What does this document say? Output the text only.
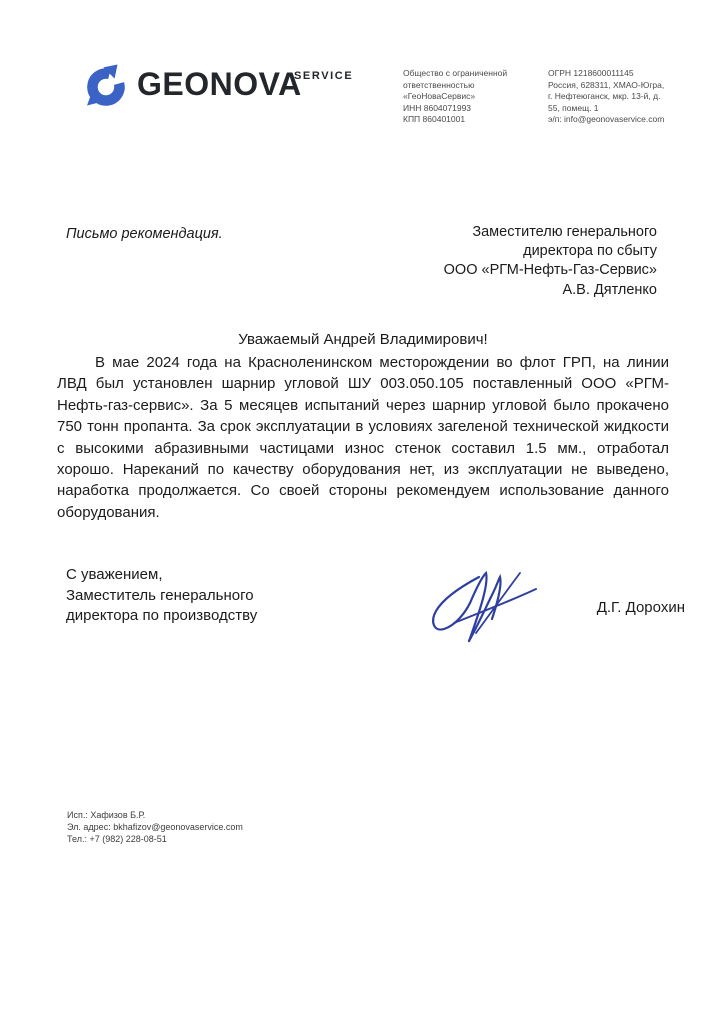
GEONOVA
SERVICE	Общество с ограниченной
ответственностью
«ГеоНоваСервис»
ИНН 8604071993
КПП 860401001
ОГРН 1218600011145
Россия, 628311, ХМАО-Югра,
г. Нефтеюганск, мкр. 13-й, д.
55, помещ. 1
э/п: info@geonovaservice.com
Письмо рекомендация.	Заместителю генерального
директора по сбыту
ООО «РГМ-Нефть-Газ-Сервис»
А.В. Дятленко
Уважаемый Андрей Владимирович!

В мае 2024 года на Красноленинском месторождении во флот ГРП, на линии ЛВД был установлен шарнир угловой ШУ 003.050.105 поставленный ООО «РГМ-Нефть-газ-сервис». За 5 месяцев испытаний через шарнир угловой было прокачено 750 тонн пропанта. За срок эксплуатации в условиях загеленой технической жидкости с высокими абразивными частицами износ стенок составил 1.5 мм., отработал хорошо. Нареканий по качеству оборудования нет, из эксплуатации не выведено, наработка продолжается. Со своей стороны рекомендуем использование данного оборудования.

С уважением,
Заместитель генерального
директора по производству	Д.Г. Дорохин
Исп.: Хафизов Б.Р.
Эл. адрес: bkhafizov@geonovaservice.com
Тел.: +7 (982) 228-08-51
